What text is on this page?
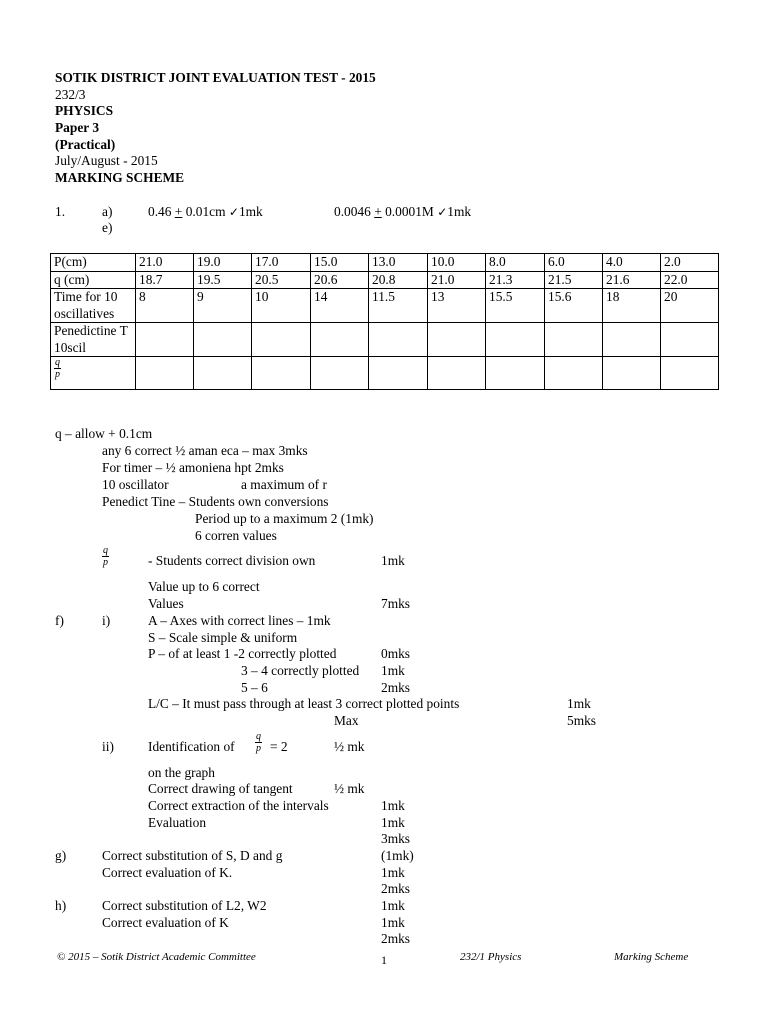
SOTIK DISTRICT JOINT EVALUATION TEST - 2015
232/3
PHYSICS
Paper 3
(Practical)
July/August - 2015
MARKING SCHEME
1.	a)	0.46 + 0.01cm ✓1mk	0.0046 + 0.0001M ✓1mk
e)
P(cm)	21.0	19.0	17.0	15.0	13.0	10.0	8.0	6.0	4.0	2.0
q (cm)	18.7	19.5	20.5	20.6	20.8	21.0	21.3	21.5	21.6	22.0
Time for 10 oscillatives	8	9	10	14	11.5	13	15.5	15.6	18	20
Penedictine T 10scil										

$\frac{q}{p}$

q – allow + 0.1cm
any 6 correct ½ aman eca – max 3mks
For timer – ½ amoniena hpt 2mks
10 oscillator	a maximum of r
Penedict Tine – Students own conversions
Period up to a maximum 2 (1mk)
6 corren values
$\frac{q}{p}$	- Students correct division own	1mk
Value up to 6 correct
Values	7mks
f)	i)	A – Axes with correct lines – 1mk
S – Scale simple & uniform
P – of at least 1 -2 correctly plotted	0mks
3 – 4 correctly plotted 1mk
5 – 6	2mks
L/C – It must pass through at least 3 correct plotted points	1mk
Max	5mks
ii)	Identification of $\frac{q}{p} = 2$	½ mk
on the graph
Correct drawing of tangent	½ mk
Correct extraction of the intervals	1mk
Evaluation	1mk
3mks
g)	Correct substitution of S, D and g	(1mk)
Correct evaluation of K.	1mk
2mks
h)	Correct substitution of L2, W2	1mk
Correct evaluation of K	1mk
2mks
© 2015 – Sotik District Academic Committee	1	232/1 Physics	Marking Scheme
